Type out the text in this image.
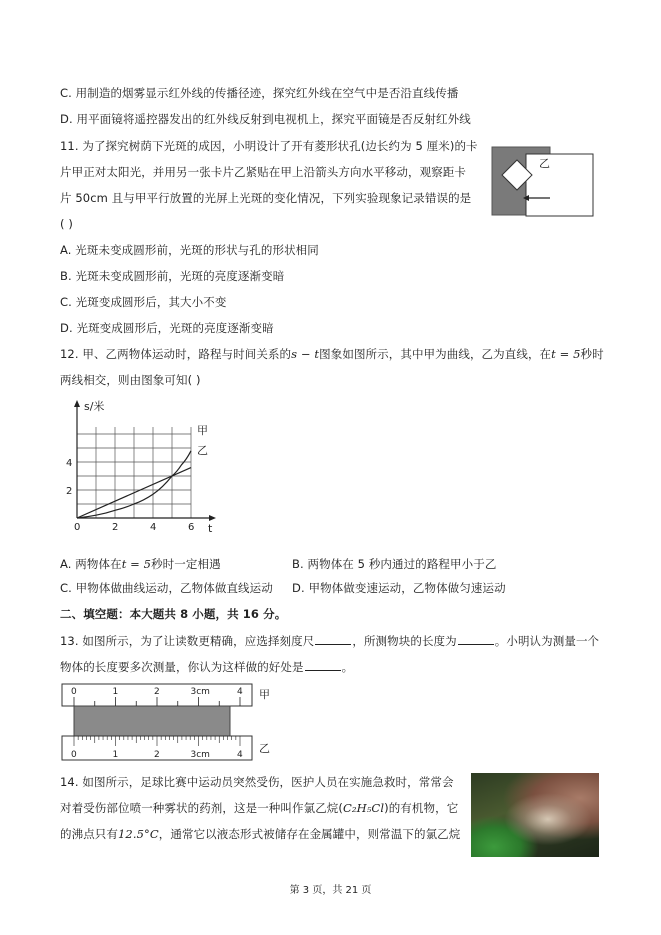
C. 用制造的烟雾显示红外线的传播径迹，探究红外线在空气中是否沿直线传播
D. 用平面镜将遥控器发出的红外线反射到电视机上，探究平面镜是否反射红外线
11. 为了探究树荫下光斑的成因，小明设计了开有菱形状孔(边长约为 5 厘米)的卡
片甲正对太阳光，并用另一张卡片乙紧贴在甲上沿箭头方向水平移动，观察距卡
片 50cm 且与甲平行放置的光屏上光斑的变化情况，下列实验现象记录错误的是
( )
A. 光斑未变成圆形前，光斑的形状与孔的形状相同
B. 光斑未变成圆形前，光斑的亮度逐渐变暗
C. 光斑变成圆形后，其大小不变
D. 光斑变成圆形后，光斑的亮度逐渐变暗
乙
12. 甲、乙两物体运动时，路程与时间关系的s − t图象如图所示，其中甲为曲线，乙为直线，在t = 5秒时
两线相交，则由图象可知( )
s/米
t
0	2	4	6
2
4
甲
乙
A. 两物体在t = 5秒时一定相遇	B. 两物体在 5 秒内通过的路程甲小于乙
C. 甲物体做曲线运动，乙物体做直线运动 D. 甲物体做变速运动，乙物体做匀速运动
二、填空题：本大题共 8 小题，共 16 分。
13. 如图所示，为了让读数更精确，应选择刻度尺	，所测物块的长度为	。小明认为测量一个
物体的长度要多次测量，你认为这样做的好处是	。
0	1	2	3cm	4
0	1	2	3cm	4
甲
乙
14. 如图所示，足球比赛中运动员突然受伤，医护人员在实施急救时，常常会
对着受伤部位喷一种雾状的药剂，这是一种叫作氯乙烷(C₂H₅Cl)的有机物，它
的沸点只有12.5°C，通常它以液态形式被储存在金属罐中，则常温下的氯乙烷
第 3 页，共 21 页
